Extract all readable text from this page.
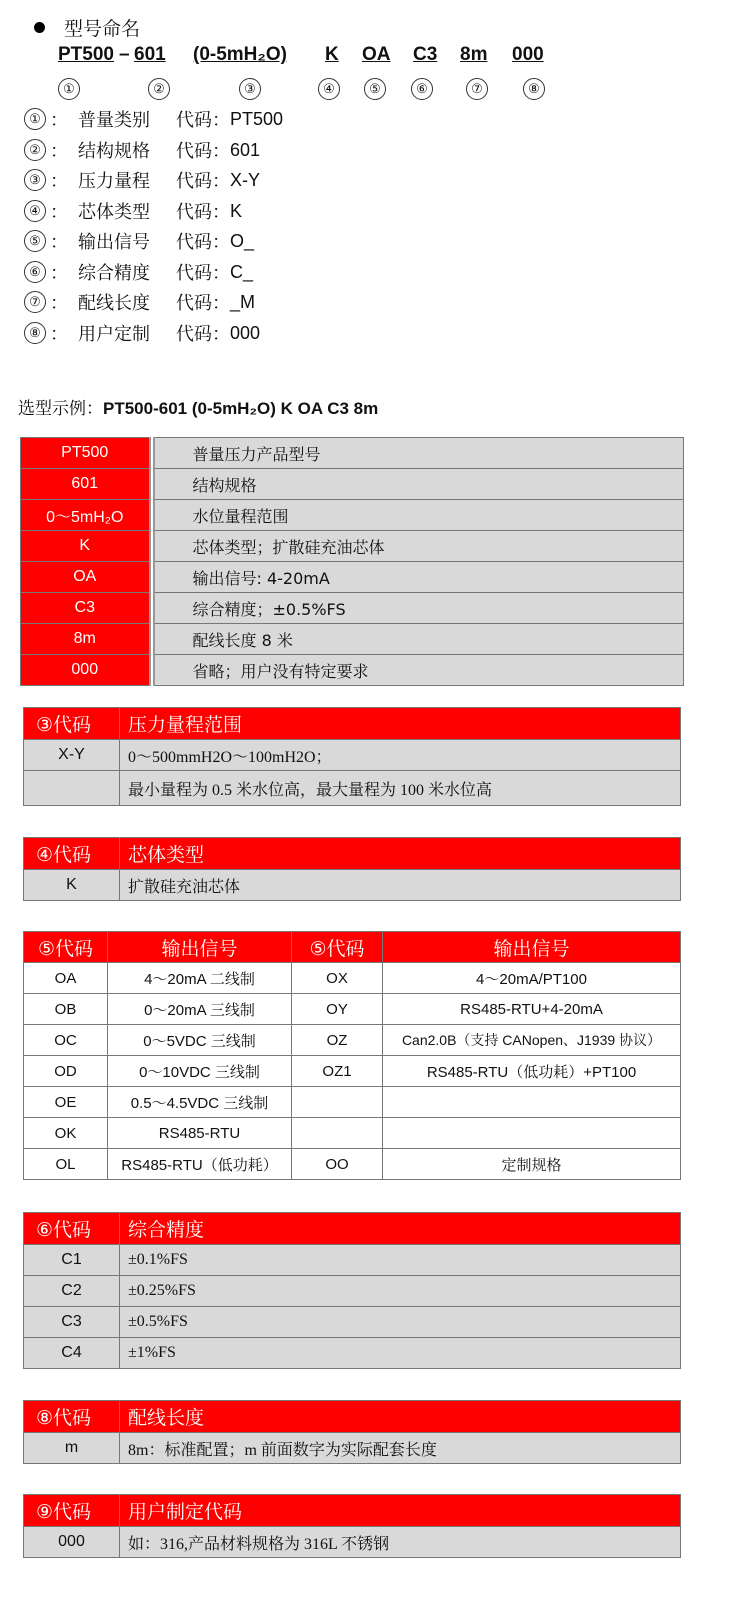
型号命名
PT500 – 601 (0-5mH₂O) K OA C3 8m 000
①	②	③	④	⑤	⑥	⑦	⑧
① ： 普量类别	代码： PT500
② ： 结构规格	代码： 601
③ ： 压力量程	代码： X-Y
④ ： 芯体类型	代码： K
⑤ ： 输出信号	代码： O_
⑥ ： 综合精度	代码： C_
⑦ ： 配线长度	代码： _M
⑧ ： 用户定制	代码： 000
选型示例：PT500-601 (0-5mH₂O) K OA C3 8m
PT500	普量压力产品型号
601	结构规格
0～5mH₂O	水位量程范围
K	芯体类型；扩散硅充油芯体
OA	输出信号: 4-20mA
C3	综合精度；±0.5%FS
8m	配线长度 8 米
000	省略；用户没有特定要求
③代码	压力量程范围
X-Y	0～500mmH2O～100mH2O；
	最小量程为 0.5 米水位高，最大量程为 100 米水位高
④代码	芯体类型
K	扩散硅充油芯体
⑤代码	输出信号	⑤代码	输出信号
OA	4～20mA 二线制	OX	4～20mA/PT100
OB	0～20mA 三线制	OY	RS485-RTU+4-20mA
OC	0～5VDC 三线制	OZ	Can2.0B（支持 CANopen、J1939 协议）
OD	0～10VDC 三线制	OZ1	RS485-RTU（低功耗）+PT100
OE	0.5～4.5VDC 三线制		
OK	RS485-RTU		
OL	RS485-RTU（低功耗）	OO	定制规格
⑥代码	综合精度
C1	±0.1%FS
C2	±0.25%FS
C3	±0.5%FS
C4	±1%FS
⑧代码	配线长度
m	8m：标准配置；m 前面数字为实际配套长度
⑨代码	用户制定代码
000	如：316,产品材料规格为 316L 不锈钢
